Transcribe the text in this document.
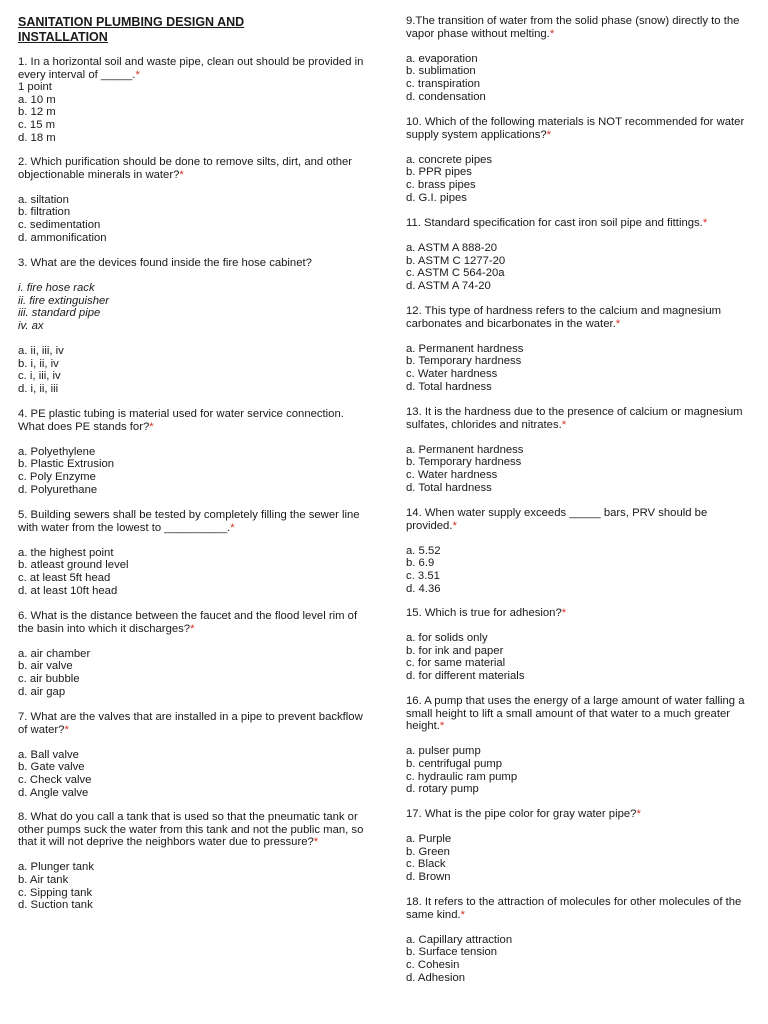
SANITATION PLUMBING DESIGN AND
INSTALLATION
1. In a horizontal soil and waste pipe, clean out should be provided in every interval of _____.*
1 point
a. 10 m
b. 12 m
c. 15 m
d. 18 m
2. Which purification should be done to remove silts, dirt, and other objectionable minerals in water?*
a. siltation
b. filtration
c. sedimentation
d. ammonification
3. What are the devices found inside the fire hose cabinet?
i. fire hose rack
ii. fire extinguisher
iii. standard pipe
iv. ax
a. ii, iii, iv
b. i, ii, iv
c. i, iii, iv
d. i, ii, iii
4. PE plastic tubing is material used for water service connection. What does PE stands for?*
a. Polyethylene
b. Plastic Extrusion
c. Poly Enzyme
d. Polyurethane
5. Building sewers shall be tested by completely filling the sewer line with water from the lowest to __________.*
a. the highest point
b. atleast ground level
c. at least 5ft head
d. at least 10ft head
6. What is the distance between the faucet and the flood level rim of the basin into which it discharges?*
a. air chamber
b. air valve
c. air bubble
d. air gap
7. What are the valves that are installed in a pipe to prevent backflow of water?*
a. Ball valve
b. Gate valve
c. Check valve
d. Angle valve
8. What do you call a tank that is used so that the pneumatic tank or other pumps suck the water from this tank and not the public man, so that it will not deprive the neighbors water due to pressure?*
a. Plunger tank
b. Air tank
c. Sipping tank
d. Suction tank
9.The transition of water from the solid phase (snow) directly to the vapor phase without melting.*
a. evaporation
b. sublimation
c. transpiration
d. condensation
10. Which of the following materials is NOT recommended for water supply system applications?*
a. concrete pipes
b. PPR pipes
c. brass pipes
d. G.I. pipes
11. Standard specification for cast iron soil pipe and fittings.*
a. ASTM A 888-20
b. ASTM C 1277-20
c. ASTM C 564-20a
d. ASTM A 74-20
12. This type of hardness refers to the calcium and magnesium carbonates and bicarbonates in the water.*
a. Permanent hardness
b. Temporary hardness
c. Water hardness
d. Total hardness
13. It is the hardness due to the presence of calcium or magnesium sulfates, chlorides and nitrates.*
a. Permanent hardness
b. Temporary hardness
c. Water hardness
d. Total hardness
14. When water supply exceeds _____ bars, PRV should be provided.*
a. 5.52
b. 6.9
c. 3.51
d. 4.36
15. Which is true for adhesion?*
a. for solids only
b. for ink and paper
c. for same material
d. for different materials
16. A pump that uses the energy of a large amount of water falling a small height to lift a small amount of that water to a much greater height.*
a. pulser pump
b. centrifugal pump
c. hydraulic ram pump
d. rotary pump
17. What is the pipe color for gray water pipe?*
a. Purple
b. Green
c. Black
d. Brown
18. It refers to the attraction of molecules for other molecules of the same kind.*
a. Capillary attraction
b. Surface tension
c. Cohesin
d. Adhesion
